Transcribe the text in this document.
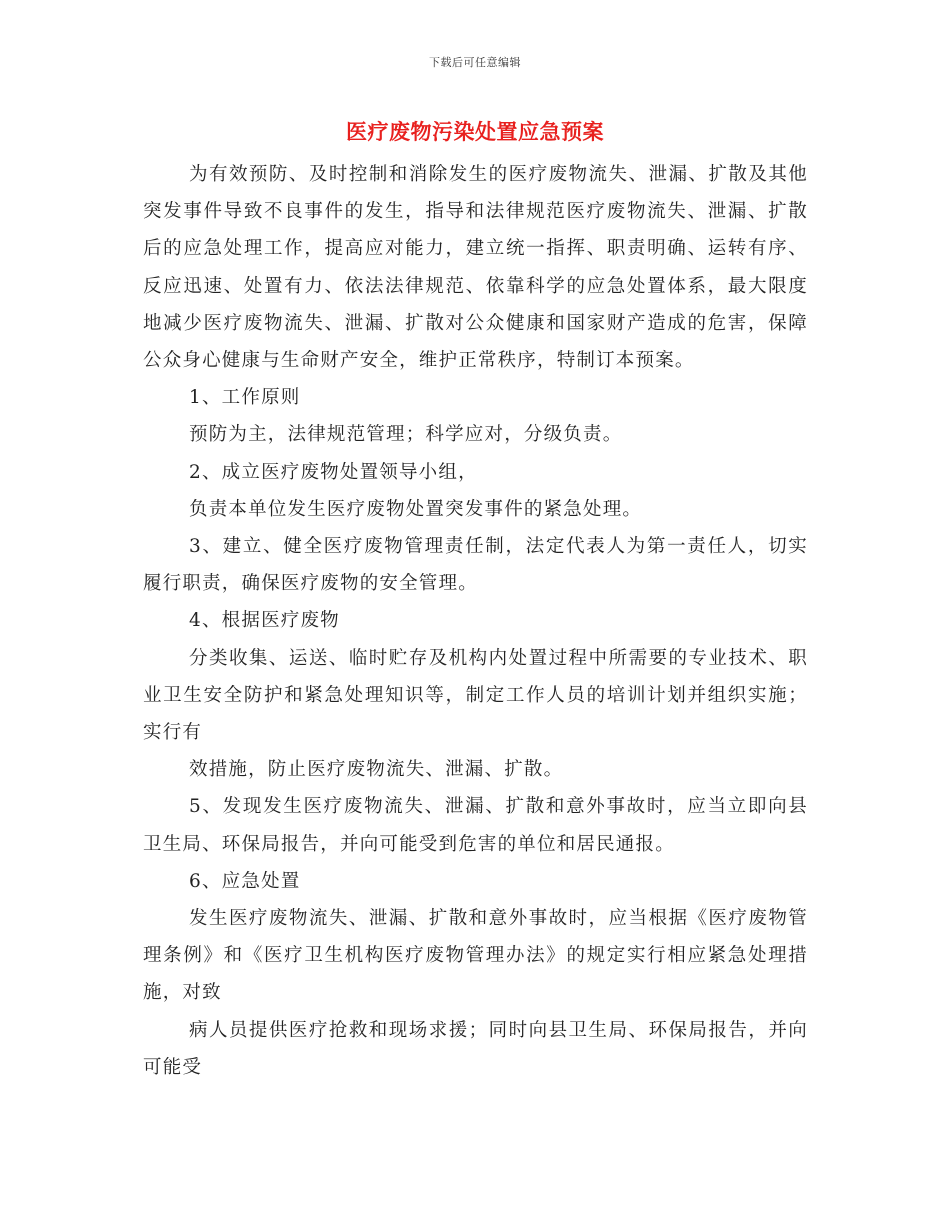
下载后可任意编辑
医疗废物污染处置应急预案

为有效预防、及时控制和消除发生的医疗废物流失、泄漏、扩散及其他突发事件导致不良事件的发生，指导和法律规范医疗废物流失、泄漏、扩散后的应急处理工作，提高应对能力，建立统一指挥、职责明确、运转有序、反应迅速、处置有力、依法法律规范、依靠科学的应急处置体系，最大限度地减少医疗废物流失、泄漏、扩散对公众健康和国家财产造成的危害，保障公众身心健康与生命财产安全，维护正常秩序，特制订本预案。

1、工作原则

预防为主，法律规范管理；科学应对，分级负责。

2、成立医疗废物处置领导小组，

负责本单位发生医疗废物处置突发事件的紧急处理。

3、建立、健全医疗废物管理责任制，法定代表人为第一责任人，切实履行职责，确保医疗废物的安全管理。

4、根据医疗废物

分类收集、运送、临时贮存及机构内处置过程中所需要的专业技术、职业卫生安全防护和紧急处理知识等，制定工作人员的培训计划并组织实施；实行有

效措施，防止医疗废物流失、泄漏、扩散。

5、发现发生医疗废物流失、泄漏、扩散和意外事故时，应当立即向县卫生局、环保局报告，并向可能受到危害的单位和居民通报。

6、应急处置

发生医疗废物流失、泄漏、扩散和意外事故时，应当根据《医疗废物管理条例》和《医疗卫生机构医疗废物管理办法》的规定实行相应紧急处理措施，对致

病人员提供医疗抢救和现场求援；同时向县卫生局、环保局报告，并向可能受
